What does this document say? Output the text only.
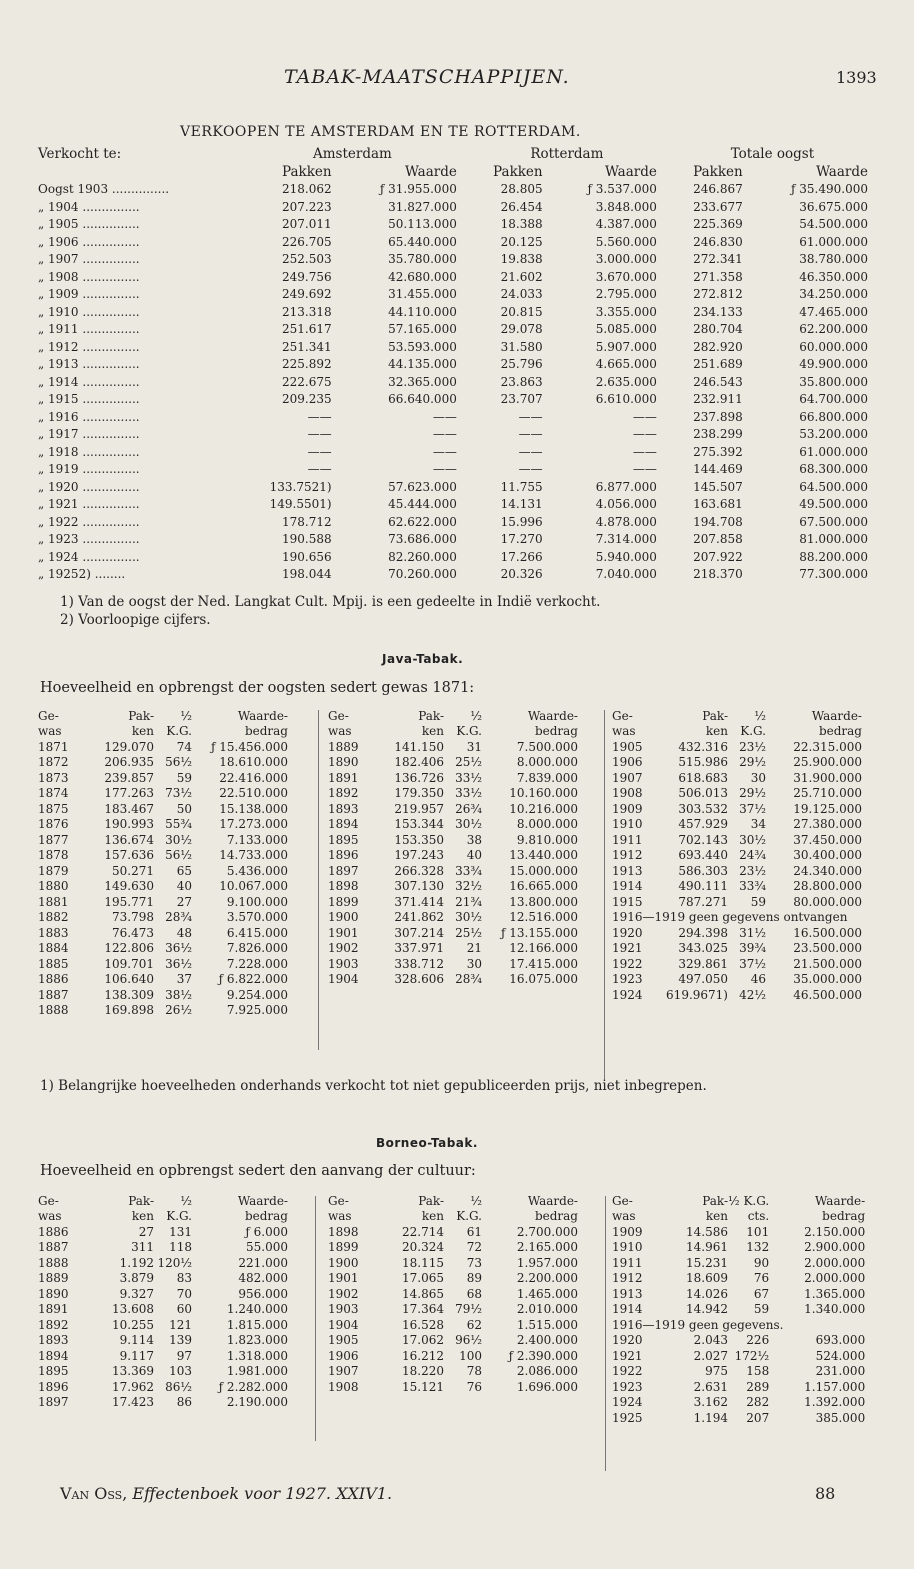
TABAK-MAATSCHAPPIJEN.	1393
VERKOOPEN TE AMSTERDAM EN TE ROTTERDAM.
Verkocht te:	Amsterdam		Rotterdam		Totale oogst	
	Pakken	Waarde	Pakken	Waarde	Pakken	Waarde
Oogst 1903 ...............	218.062	ƒ 31.955.000	28.805	ƒ 3.537.000	246.867	ƒ 35.490.000
„ 1904 ...............	207.223	31.827.000	26.454	3.848.000	233.677	36.675.000
„ 1905 ...............	207.011	50.113.000	18.388	4.387.000	225.369	54.500.000
„ 1906 ...............	226.705	65.440.000	20.125	5.560.000	246.830	61.000.000
„ 1907 ...............	252.503	35.780.000	19.838	3.000.000	272.341	38.780.000
„ 1908 ...............	249.756	42.680.000	21.602	3.670.000	271.358	46.350.000
„ 1909 ...............	249.692	31.455.000	24.033	2.795.000	272.812	34.250.000
„ 1910 ...............	213.318	44.110.000	20.815	3.355.000	234.133	47.465.000
„ 1911 ...............	251.617	57.165.000	29.078	5.085.000	280.704	62.200.000
„ 1912 ...............	251.341	53.593.000	31.580	5.907.000	282.920	60.000.000
„ 1913 ...............	225.892	44.135.000	25.796	4.665.000	251.689	49.900.000
„ 1914 ...............	222.675	32.365.000	23.863	2.635.000	246.543	35.800.000
„ 1915 ...............	209.235	66.640.000	23.707	6.610.000	232.911	64.700.000
„ 1916 ...............	——	——	——	——	237.898	66.800.000
„ 1917 ...............	——	——	——	——	238.299	53.200.000
„ 1918 ...............	——	——	——	——	275.392	61.000.000
„ 1919 ...............	——	——	——	——	144.469	68.300.000
„ 1920 ...............	133.7521)	57.623.000	11.755	6.877.000	145.507	64.500.000
„ 1921 ...............	149.5501)	45.444.000	14.131	4.056.000	163.681	49.500.000
„ 1922 ...............	178.712	62.622.000	15.996	4.878.000	194.708	67.500.000
„ 1923 ...............	190.588	73.686.000	17.270	7.314.000	207.858	81.000.000
„ 1924 ...............	190.656	82.260.000	17.266	5.940.000	207.922	88.200.000
„ 19252) ........	198.044	70.260.000	20.326	7.040.000	218.370	77.300.000
1) Van de oogst der Ned. Langkat Cult. Mpij. is een gedeelte in Indië verkocht.
2) Voorloopige cijfers.
Java-Tabak.
Hoeveelheid en opbrengst der oogsten sedert gewas 1871:
Ge-	Pak-	½	Waarde-
was	ken	K.G.	bedrag
1871	129.070	74	ƒ 15.456.000
1872	206.935	56½	18.610.000
1873	239.857	59	22.416.000
1874	177.263	73½	22.510.000
1875	183.467	50	15.138.000
1876	190.993	55¾	17.273.000
1877	136.674	30½	7.133.000
1878	157.636	56½	14.733.000
1879	50.271	65	5.436.000
1880	149.630	40	10.067.000
1881	195.771	27	9.100.000
1882	73.798	28¾	3.570.000
1883	76.473	48	6.415.000
1884	122.806	36½	7.826.000
1885	109.701	36½	7.228.000
1886	106.640	37	ƒ 6.822.000
1887	138.309	38½	9.254.000
1888	169.898	26½	7.925.000
Ge-	Pak-	½	Waarde-
was	ken	K.G.	bedrag
1889	141.150	31	7.500.000
1890	182.406	25½	8.000.000
1891	136.726	33½	7.839.000
1892	179.350	33½	10.160.000
1893	219.957	26¾	10.216.000
1894	153.344	30½	8.000.000
1895	153.350	38	9.810.000
1896	197.243	40	13.440.000
1897	266.328	33¾	15.000.000
1898	307.130	32½	16.665.000
1899	371.414	21¾	13.800.000
1900	241.862	30½	12.516.000
1901	307.214	25½	ƒ 13.155.000
1902	337.971	21	12.166.000
1903	338.712	30	17.415.000
1904	328.606	28¾	16.075.000
Ge-	Pak-	½	Waarde-
was	ken	K.G.	bedrag
1905	432.316	23½	22.315.000
1906	515.986	29½	25.900.000
1907	618.683	30	31.900.000
1908	506.013	29½	25.710.000
1909	303.532	37½	19.125.000
1910	457.929	34	27.380.000
1911	702.143	30½	37.450.000
1912	693.440	24¾	30.400.000
1913	586.303	23½	24.340.000
1914	490.111	33¾	28.800.000
1915	787.271	59	80.000.000
1916—1919 geen gegevens ontvangen			
1920	294.398	31½	16.500.000
1921	343.025	39¾	23.500.000
1922	329.861	37½	21.500.000
1923	497.050	46	35.000.000
1924	619.9671)	42½	46.500.000
1) Belangrijke hoeveelheden onderhands verkocht tot niet gepubliceerden prijs, niet inbegrepen.
Borneo-Tabak.
Hoeveelheid en opbrengst sedert den aanvang der cultuur:
Ge-	Pak-	½	Waarde-
was	ken	K.G.	bedrag
1886	27	131	ƒ 6.000
1887	311	118	55.000
1888	1.192	120½	221.000
1889	3.879	83	482.000
1890	9.327	70	956.000
1891	13.608	60	1.240.000
1892	10.255	121	1.815.000
1893	9.114	139	1.823.000
1894	9.117	97	1.318.000
1895	13.369	103	1.981.000
1896	17.962	86½	ƒ 2.282.000
1897	17.423	86	2.190.000
Ge-	Pak-	½	Waarde-
was	ken	K.G.	bedrag
1898	22.714	61	2.700.000
1899	20.324	72	2.165.000
1900	18.115	73	1.957.000
1901	17.065	89	2.200.000
1902	14.865	68	1.465.000
1903	17.364	79½	2.010.000
1904	16.528	62	1.515.000
1905	17.062	96½	2.400.000
1906	16.212	100	ƒ 2.390.000
1907	18.220	78	2.086.000
1908	15.121	76	1.696.000
Ge-	Pak-	½ K.G.	Waarde-
was	ken	cts.	bedrag
1909	14.586	101	2.150.000
1910	14.961	132	2.900.000
1911	15.231	90	2.000.000
1912	18.609	76	2.000.000
1913	14.026	67	1.365.000
1914	14.942	59	1.340.000
1916—1919 geen gegevens.			
1920	2.043	226	693.000
1921	2.027	172½	524.000
1922	975	158	231.000
1923	2.631	289	1.157.000
1924	3.162	282	1.392.000
1925	1.194	207	385.000
Van Oss, Effectenboek voor 1927. XXIV1.	88
